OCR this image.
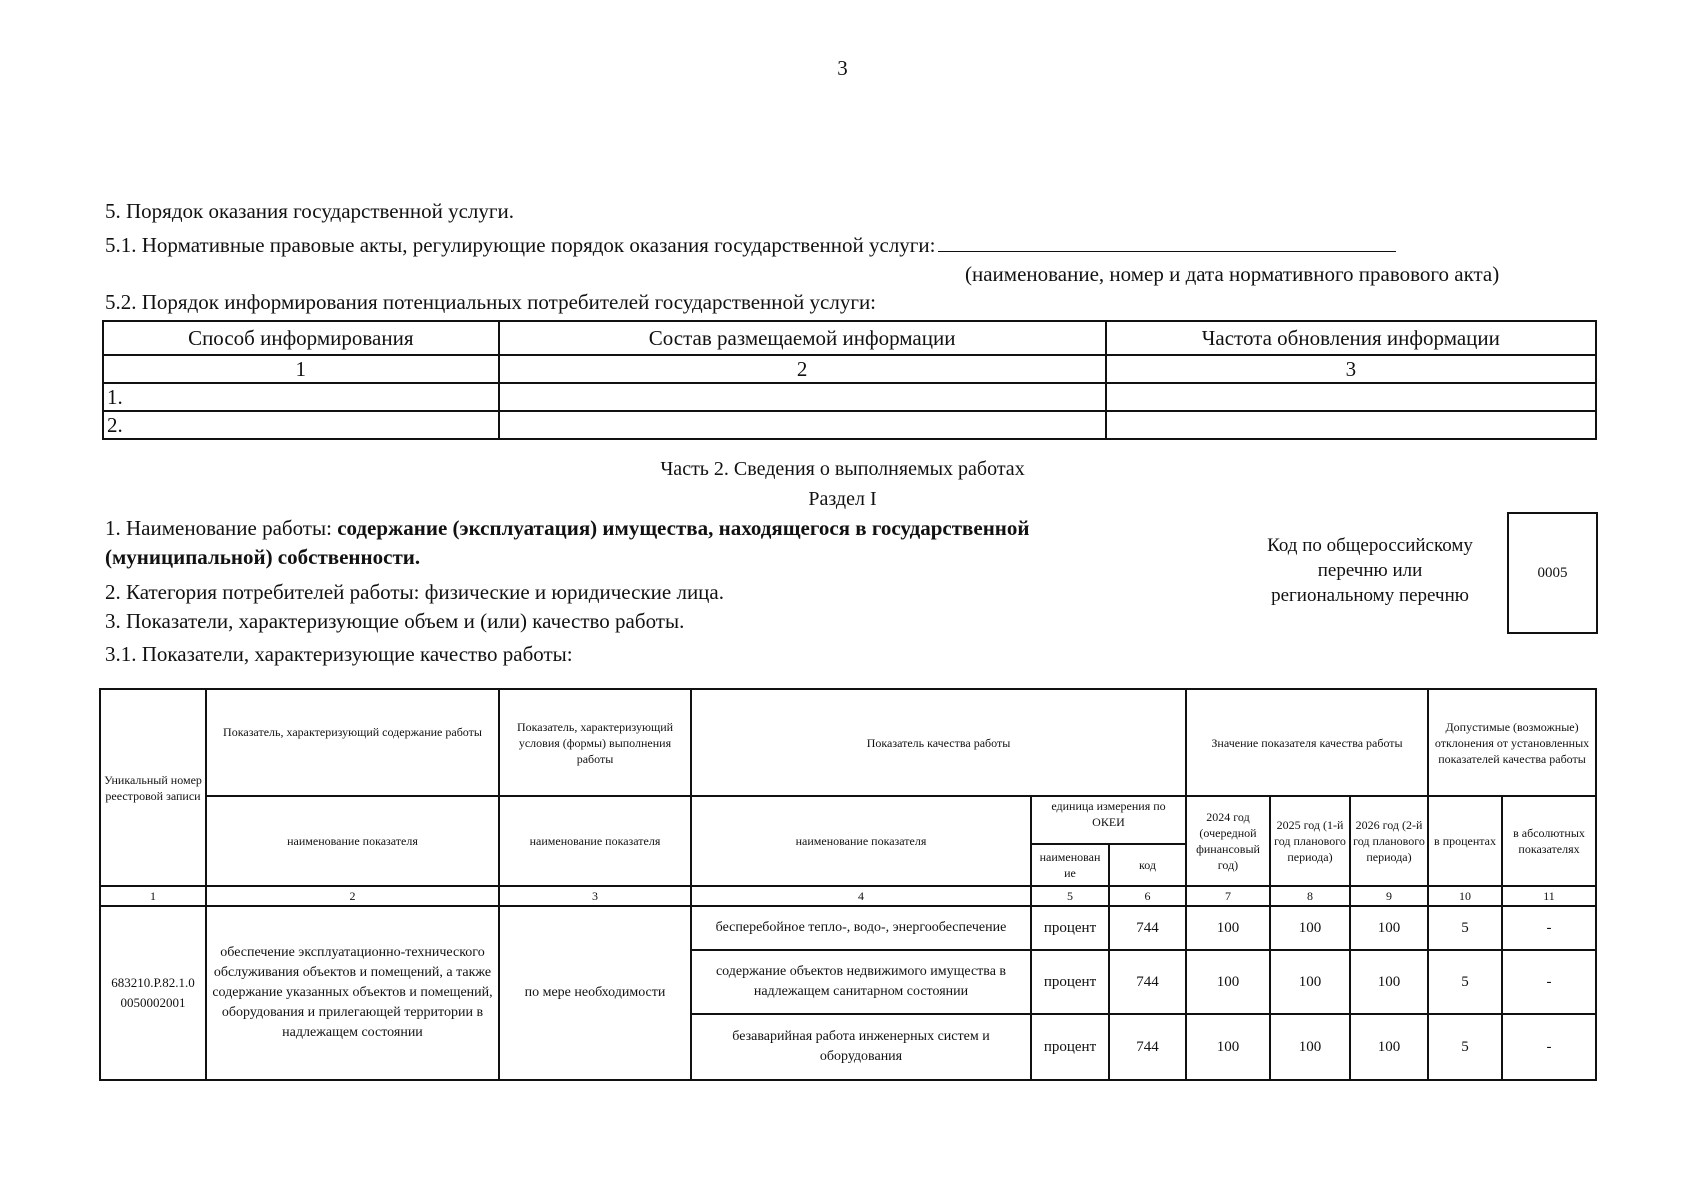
3
5. Порядок оказания государственной услуги.
5.1. Нормативные правовые акты, регулирующие порядок оказания государственной услуги:
(наименование, номер и дата нормативного правового акта)
5.2. Порядок информирования потенциальных потребителей государственной услуги:
Способ информирования	Состав размещаемой информации	Частота обновления информации
1	2	3
1.		
2.		
Часть 2. Сведения о выполняемых работах
Раздел I
1. Наименование работы: содержание (эксплуатация) имущества, находящегося в государственной
(муниципальной) собственности.
2. Категория потребителей работы: физические и юридические лица.
3. Показатели, характеризующие объем и (или) качество работы.
3.1. Показатели, характеризующие качество работы:
Код по общероссийскому
перечню или
региональному перечню
0005
Уникальный номер реестровой записи	Показатель, характеризующий содержание работы	Показатель, характеризующий условия (формы) выполнения работы	Показатель качества работы			Значение показателя качества работы			Допустимые (возможные) отклонения от установленных показателей качества работы	
	наименование показателя	наименование показателя	наименование показателя	единица измерения по ОКЕИ		2024 год (очередной финансовый год)	2025 год (1-й год планового периода)	2026 год (2-й год планового периода)	в процентах	в абсолютных показателях
				наименован ие	код					
1	2	3	4	5	6	7	8	9	10	11
683210.Р.82.1.0 0050002001	обеспечение эксплуатационно-технического обслуживания объектов и помещений, а также содержание указанных объектов и помещений, оборудования и прилегающей территории в надлежащем состоянии	по мере необходимости	бесперебойное тепло-, водо-, энергообеспечение	процент	744	100	100	100	5	-
			содержание объектов недвижимого имущества в надлежащем санитарном состоянии	процент	744	100	100	100	5	-
			безаварийная работа инженерных систем и оборудования	процент	744	100	100	100	5	-
